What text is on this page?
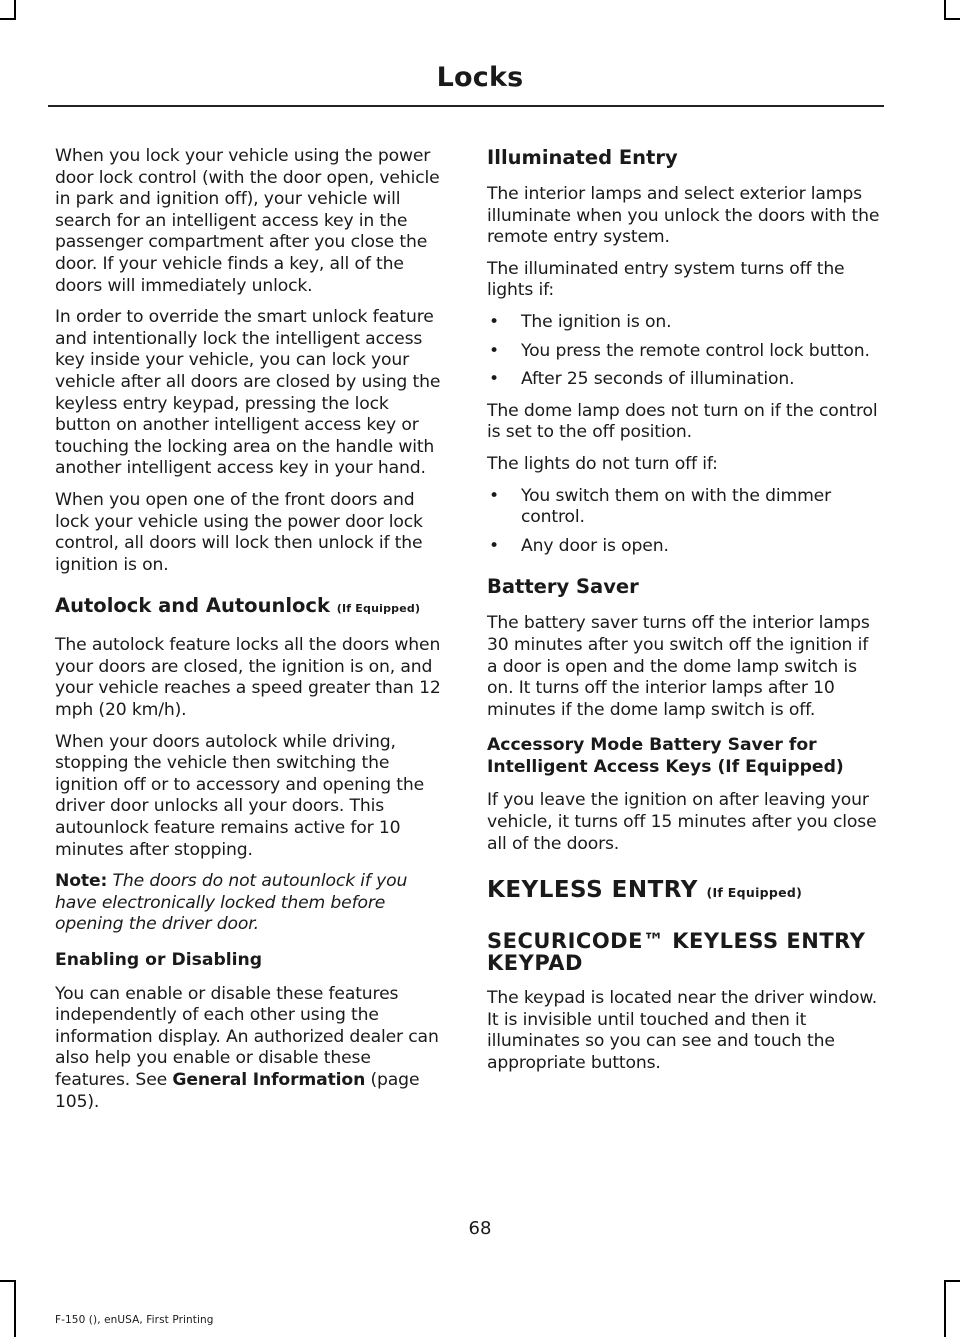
Locks

When you lock your vehicle using the power door lock control (with the door open, vehicle in park and ignition off), your vehicle will search for an intelligent access key in the passenger compartment after you close the door. If your vehicle finds a key, all of the doors will immediately unlock.

In order to override the smart unlock feature and intentionally lock the intelligent access key inside your vehicle, you can lock your vehicle after all doors are closed by using the keyless entry keypad, pressing the lock button on another intelligent access key or touching the locking area on the handle with another intelligent access key in your hand.

When you open one of the front doors and lock your vehicle using the power door lock control, all doors will lock then unlock if the ignition is on.

Autolock and Autounlock (If Equipped)

The autolock feature locks all the doors when your doors are closed, the ignition is on, and your vehicle reaches a speed greater than 12 mph (20 km/h).

When your doors autolock while driving, stopping the vehicle then switching the ignition off or to accessory and opening the driver door unlocks all your doors. This autounlock feature remains active for 10 minutes after stopping.

Note: The doors do not autounlock if you have electronically locked them before opening the driver door.

Enabling or Disabling

You can enable or disable these features independently of each other using the information display. An authorized dealer can also help you enable or disable these features. See General Information (page 105).

Illuminated Entry

The interior lamps and select exterior lamps illuminate when you unlock the doors with the remote entry system.

The illuminated entry system turns off the lights if:

• The ignition is on.
• You press the remote control lock button.
• After 25 seconds of illumination.

The dome lamp does not turn on if the control is set to the off position.

The lights do not turn off if:

• You switch them on with the dimmer control.
• Any door is open.
Battery Saver

The battery saver turns off the interior lamps 30 minutes after you switch off the ignition if a door is open and the dome lamp switch is on. It turns off the interior lamps after 10 minutes if the dome lamp switch is off.

Accessory Mode Battery Saver for Intelligent Access Keys (If Equipped)

If you leave the ignition on after leaving your vehicle, it turns off 15 minutes after you close all of the doors.

KEYLESS ENTRY (If Equipped)
SECURICODE™ KEYLESS ENTRY KEYPAD

The keypad is located near the driver window. It is invisible until touched and then it illuminates so you can see and touch the appropriate buttons.

68
F-150 (), enUSA, First Printing
